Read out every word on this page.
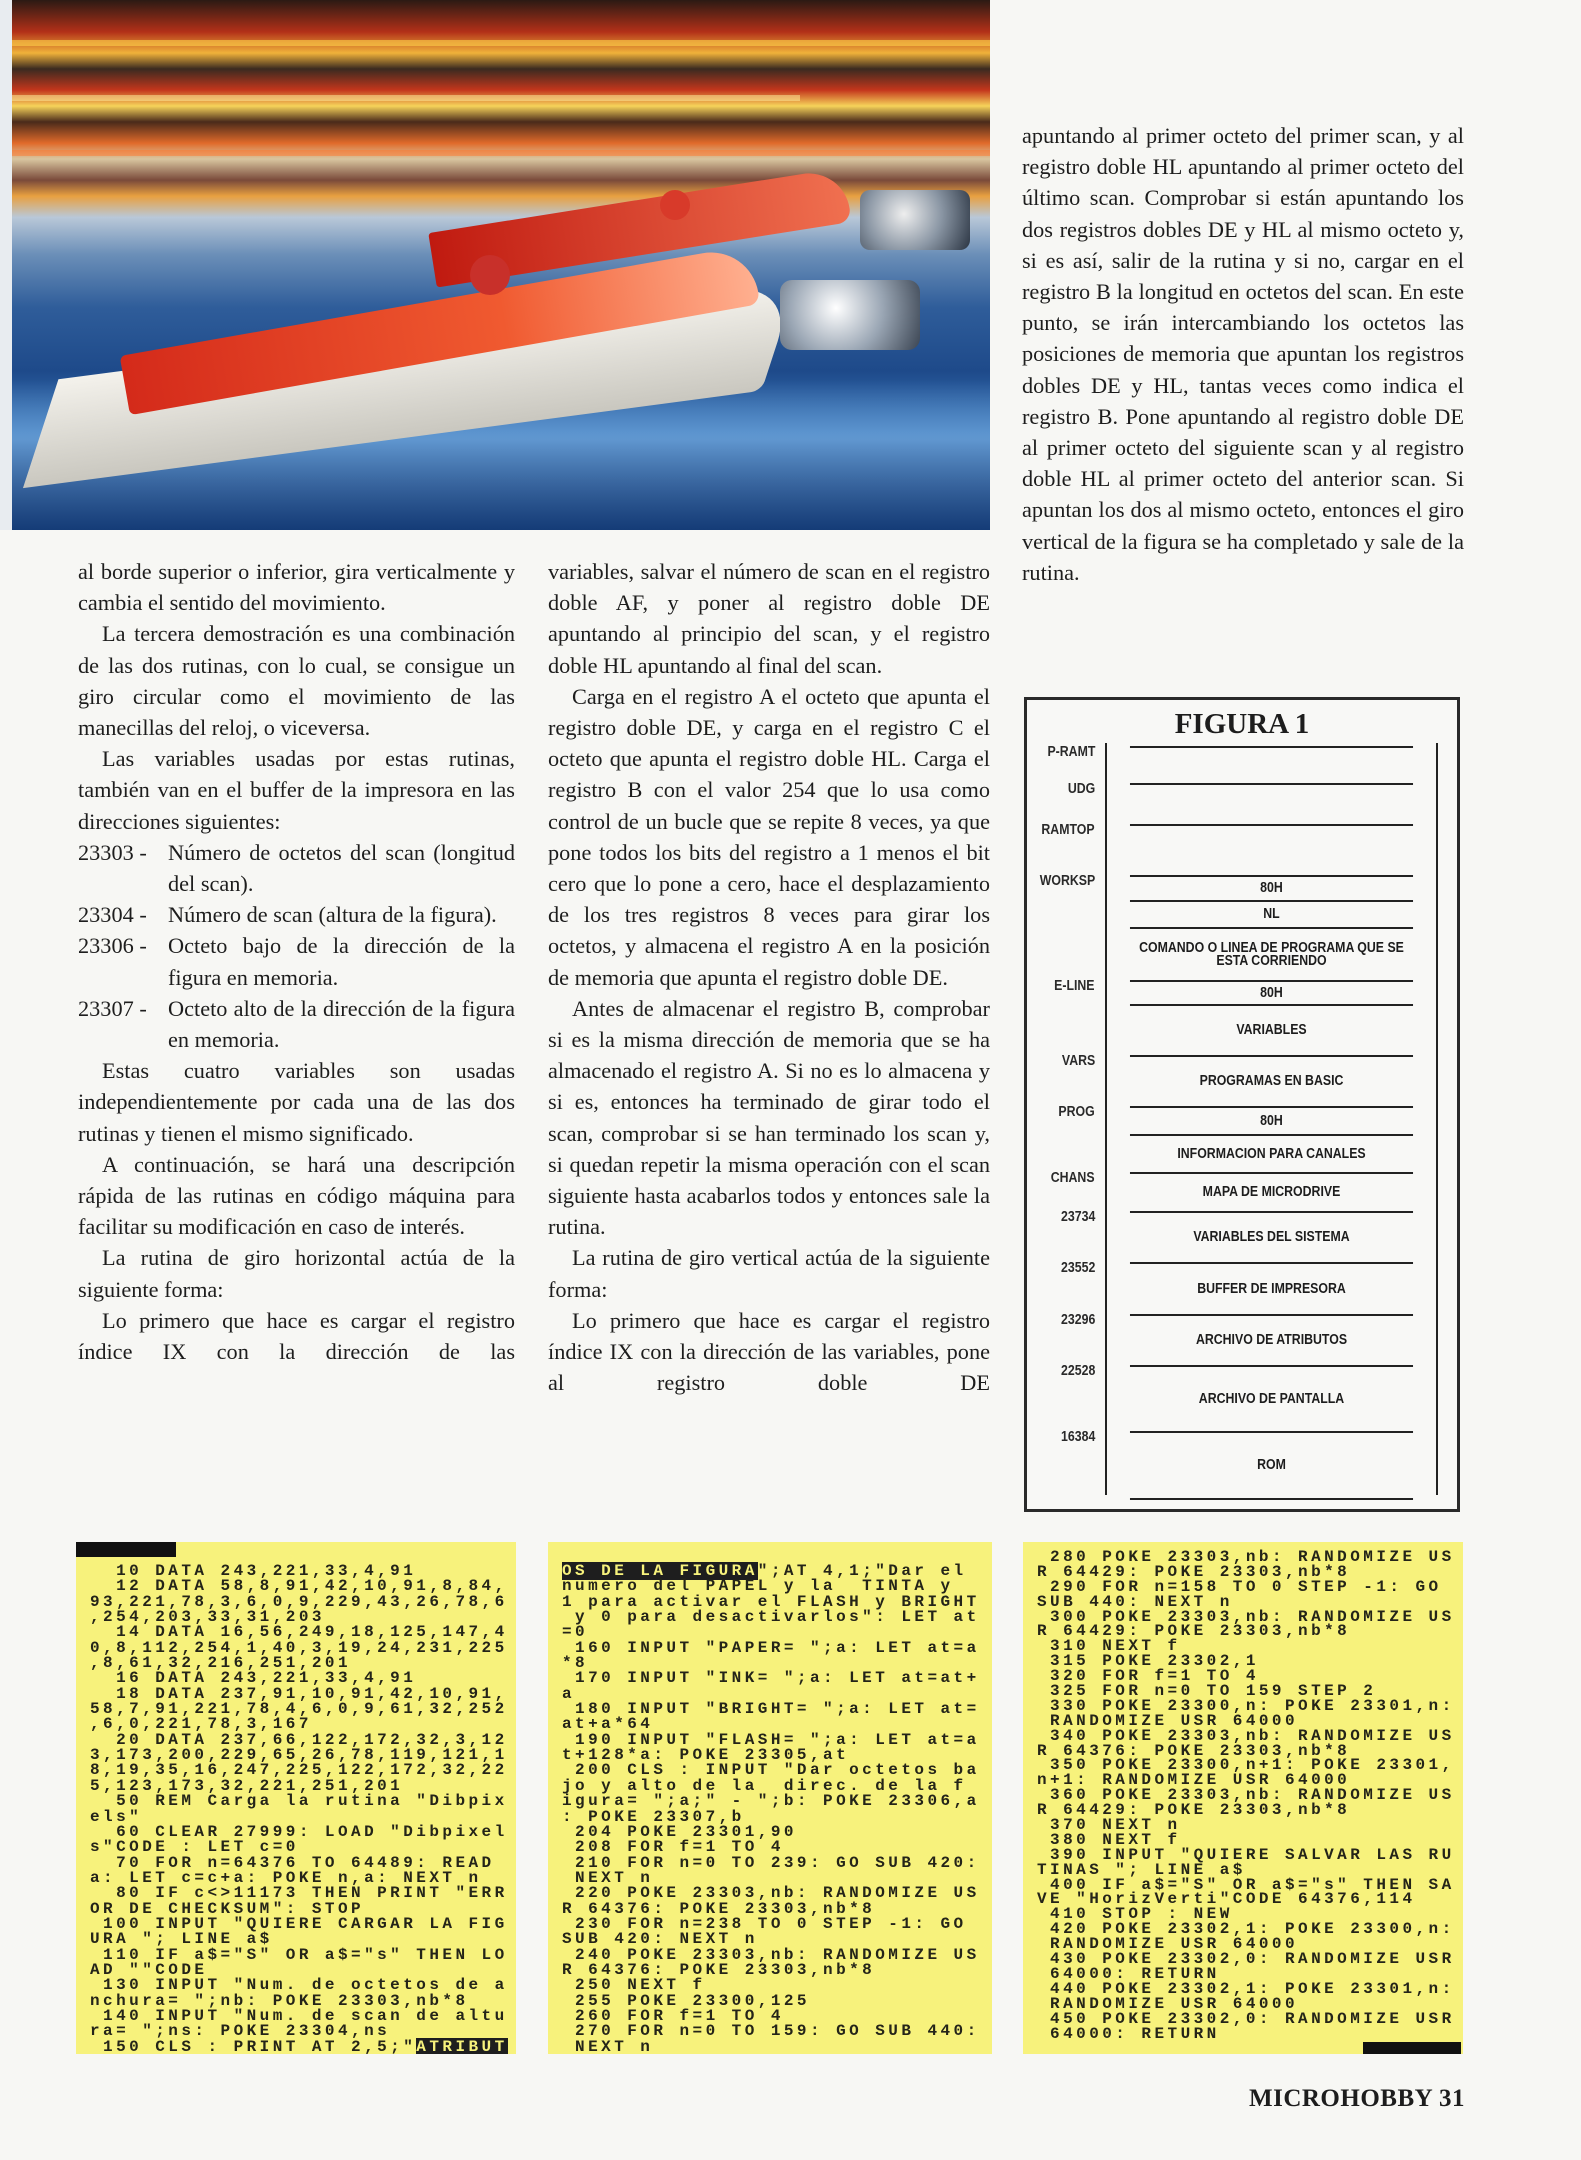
al borde superior o inferior, gira verticalmente y cambia el sentido del movimiento.

La tercera demostración es una combinación de las dos rutinas, con lo cual, se consigue un giro circular como el movimiento de las manecillas del reloj, o viceversa.

Las variables usadas por estas rutinas, también van en el buffer de la impresora en las direcciones siguientes:

23303 - Número de octetos del scan (longitud del scan).
23304 - Número de scan (altura de la figura).
23306 - Octeto bajo de la dirección de la figura en memoria.
23307 - Octeto alto de la dirección de la figura en memoria.

Estas cuatro variables son usadas independientemente por cada una de las dos rutinas y tienen el mismo significado.

A continuación, se hará una descripción rápida de las rutinas en código máquina para facilitar su modificación en caso de interés.

La rutina de giro horizontal actúa de la siguiente forma:

Lo primero que hace es cargar el registro índice IX con la dirección de las

variables, salvar el número de scan en el registro doble AF, y poner al registro doble DE apuntando al principio del scan, y el registro doble HL apuntando al final del scan.

Carga en el registro A el octeto que apunta el registro doble DE, y carga en el registro C el octeto que apunta el registro doble HL. Carga el registro B con el valor 254 que lo usa como control de un bucle que se repite 8 veces, ya que pone todos los bits del registro a 1 menos el bit cero que lo pone a cero, hace el desplazamiento de los tres registros 8 veces para girar los octetos, y almacena el registro A en la posición de memoria que apunta el registro doble DE.

Antes de almacenar el registro B, comprobar si es la misma dirección de memoria que se ha almacenado el registro A. Si no es lo almacena y si es, entonces ha terminado de girar todo el scan, comprobar si se han terminado los scan y, si quedan repetir la misma operación con el scan siguiente hasta acabarlos todos y entonces sale la rutina.

La rutina de giro vertical actúa de la siguiente forma:

Lo primero que hace es cargar el registro índice IX con la dirección de las variables, pone al registro doble DE

apuntando al primer octeto del primer scan, y al registro doble HL apuntando al primer octeto del último scan. Comprobar si están apuntando los dos registros dobles DE y HL al mismo octeto y, si es así, salir de la rutina y si no, cargar en el registro B la longitud en octetos del scan. En este punto, se irán intercambiando los octetos las posiciones de memoria que apuntan los registros dobles DE y HL, tantas veces como indica el registro B. Pone apuntando al registro doble DE al primer octeto del siguiente scan y al registro doble HL al primer octeto del anterior scan. Si apuntan los dos al mismo octeto, entonces el giro vertical de la figura se ha completado y sale de la rutina.

FIGURA 1
80H
NL
COMANDO O LINEA DE PROGRAMA QUE SE ESTA CORRIENDO
80H
VARIABLES
PROGRAMAS EN BASIC
80H
INFORMACION PARA CANALES
MAPA DE MICRODRIVE
VARIABLES DEL SISTEMA
BUFFER DE IMPRESORA
ARCHIVO DE ATRIBUTOS
ARCHIVO DE PANTALLA
ROM
P-RAMT
UDG
RAMTOP
WORKSP
E-LINE
VARS
PROG
CHANS
23734
23552
23296
22528
16384
10 DATA 243,221,33,4,91
12 DATA 58,8,91,42,10,91,8,84,
93,221,78,3,6,0,9,229,43,26,78,6
,254,203,33,31,203
14 DATA 16,56,249,18,125,147,4
0,8,112,254,1,40,3,19,24,231,225
,8,61,32,216,251,201
16 DATA 243,221,33,4,91
18 DATA 237,91,10,91,42,10,91,
58,7,91,221,78,4,6,0,9,61,32,252
,6,0,221,78,3,167
20 DATA 237,66,122,172,32,3,12
3,173,200,229,65,26,78,119,121,1
8,19,35,16,247,225,122,172,32,22
5,123,173,32,221,251,201
50 REM Carga la rutina "Dibpix
els"
60 CLEAR 27999: LOAD "Dibpixel
s"CODE : LET c=0
70 FOR n=64376 TO 64489: READ
a: LET c=c+a: POKE n,a: NEXT n
80 IF c<>11173 THEN PRINT "ERR
OR DE CHECKSUM": STOP
100 INPUT "QUIERE CARGAR LA FIG
URA "; LINE a$
110 IF a$="S" OR a$="s" THEN LO
AD ""CODE
130 INPUT "Num. de octetos de a
nchura= ";nb: POKE 23303,nb*8
140 INPUT "Num. de scan de altu
ra= ";ns: POKE 23304,ns
150 CLS : PRINT AT 2,5;"ATRIBUT
OS DE LA FIGURA";AT 4,1;"Dar el
numero del PAPEL y la  TINTA y
1 para activar el FLASH y BRIGHT
y 0 para desactivarlos": LET at
=0
160 INPUT "PAPER= ";a: LET at=a
*8
170 INPUT "INK= ";a: LET at=at+
a
180 INPUT "BRIGHT= ";a: LET at=
at+a*64
190 INPUT "FLASH= ";a: LET at=a
t+128*a: POKE 23305,at
200 CLS : INPUT "Dar octetos ba
jo y alto de la  direc. de la f
igura= ";a;" - ";b: POKE 23306,a
: POKE 23307,b
204 POKE 23301,90
208 FOR f=1 TO 4
210 FOR n=0 TO 239: GO SUB 420:
NEXT n
220 POKE 23303,nb: RANDOMIZE US
R 64376: POKE 23303,nb*8
230 FOR n=238 TO 0 STEP -1: GO
SUB 420: NEXT n
240 POKE 23303,nb: RANDOMIZE US
R 64376: POKE 23303,nb*8
250 NEXT f
255 POKE 23300,125
260 FOR f=1 TO 4
270 FOR n=0 TO 159: GO SUB 440:
NEXT n
280 POKE 23303,nb: RANDOMIZE US
R 64429: POKE 23303,nb*8
290 FOR n=158 TO 0 STEP -1: GO
SUB 440: NEXT n
300 POKE 23303,nb: RANDOMIZE US
R 64429: POKE 23303,nb*8
310 NEXT f
315 POKE 23302,1
320 FOR f=1 TO 4
325 FOR n=0 TO 159 STEP 2
330 POKE 23300,n: POKE 23301,n:
RANDOMIZE USR 64000
340 POKE 23303,nb: RANDOMIZE US
R 64376: POKE 23303,nb*8
350 POKE 23300,n+1: POKE 23301,
n+1: RANDOMIZE USR 64000
360 POKE 23303,nb: RANDOMIZE US
R 64429: POKE 23303,nb*8
370 NEXT n
380 NEXT f
390 INPUT "QUIERE SALVAR LAS RU
TINAS "; LINE a$
400 IF a$="S" OR a$="s" THEN SA
VE "HorizVerti"CODE 64376,114
410 STOP : NEW
420 POKE 23302,1: POKE 23300,n:
RANDOMIZE USR 64000
430 POKE 23302,0: RANDOMIZE USR
64000: RETURN
440 POKE 23302,1: POKE 23301,n:
RANDOMIZE USR 64000
450 POKE 23302,0: RANDOMIZE USR
64000: RETURN
MICROHOBBY 31
